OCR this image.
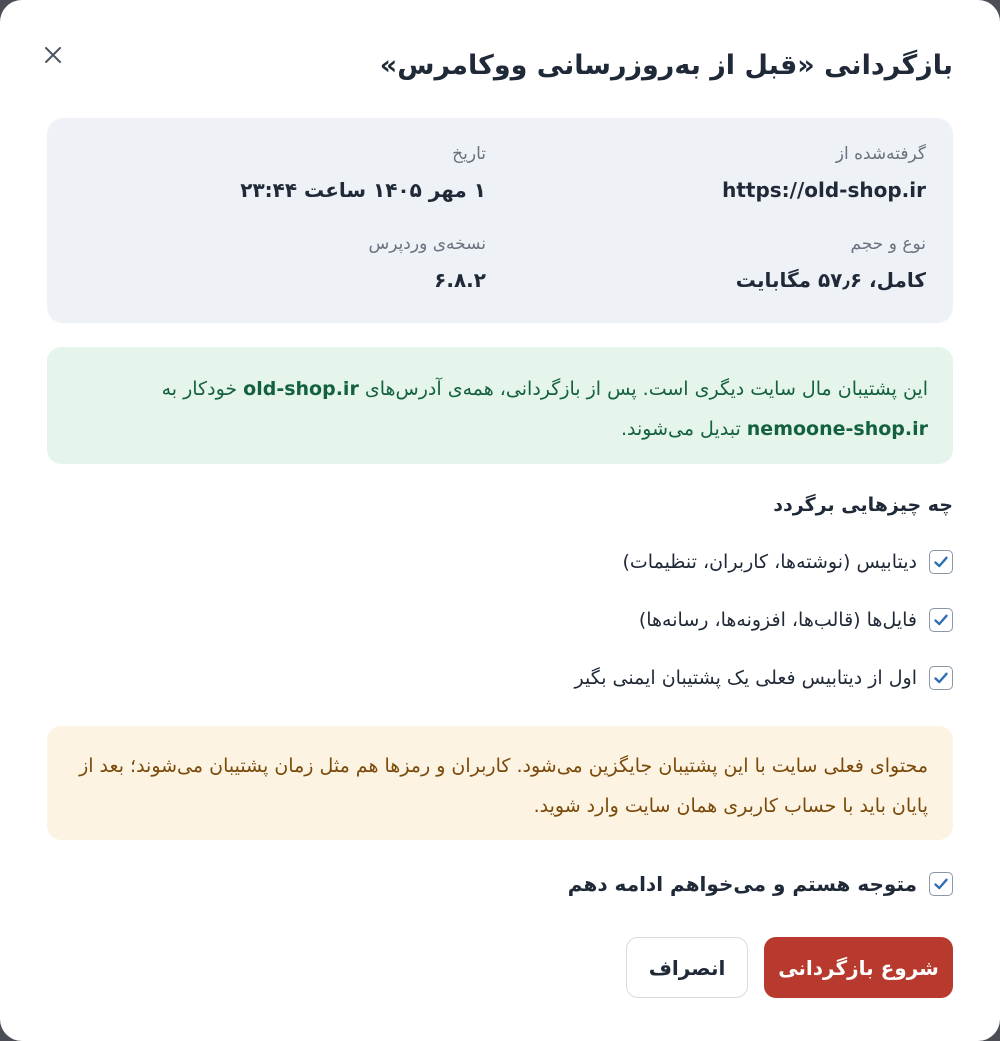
بازگردانی «قبل از به‌روزرسانی ووکامرس»
گرفته‌شده از
https://old-shop.ir
تاریخ
۱ مهر ۱۴۰۵ ساعت ۲۳:۴۴
نوع و حجم
کامل، ۵۷٫۶ مگابایت
نسخه‌ی وردپرس
۶.۸.۲
این پشتیبان مال سایت دیگری است. پس از بازگردانی، همه‌ی آدرس‌های old-shop.ir خودکار به
nemoone-shop.ir تبدیل می‌شوند.
چه چیزهایی برگردد
دیتابیس (نوشته‌ها، کاربران، تنظیمات)
فایل‌ها (قالب‌ها، افزونه‌ها، رسانه‌ها)
اول از دیتابیس فعلی یک پشتیبان ایمنی بگیر
محتوای فعلی سایت با این پشتیبان جایگزین می‌شود. کاربران و رمزها هم مثل زمان پشتیبان می‌شوند؛ بعد از پایان باید با حساب کاربری همان سایت وارد شوید.
متوجه هستم و می‌خواهم ادامه دهم
شروع بازگردانی
انصراف
